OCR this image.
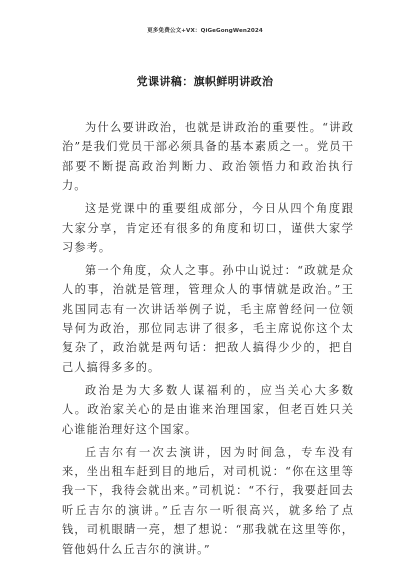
更多免费公文+VX：QiGeGongWen2024
党课讲稿：旗帜鲜明讲政治

为什么要讲政治，也就是讲政治的重要性。“讲政治”是我们党员干部必须具备的基本素质之一。党员干部要不断提高政治判断力、政治领悟力和政治执行力。

这是党课中的重要组成部分，今日从四个角度跟大家分享，肯定还有很多的角度和切口，谨供大家学习参考。

第一个角度，众人之事。孙中山说过：“政就是众人的事，治就是管理，管理众人的事情就是政治。”王兆国同志有一次讲话举例子说，毛主席曾经问一位领导何为政治，那位同志讲了很多，毛主席说你这个太复杂了，政治就是两句话：把敌人搞得少少的，把自己人搞得多多的。

政治是为大多数人谋福利的，应当关心大多数人。政治家关心的是由谁来治理国家，但老百姓只关心谁能治理好这个国家。

丘吉尔有一次去演讲，因为时间急，专车没有来，坐出租车赶到目的地后，对司机说：“你在这里等我一下，我待会就出来。”司机说：“不行，我要赶回去听丘吉尔的演讲。”丘吉尔一听很高兴，就多给了点钱，司机眼睛一亮，想了想说：“那我就在这里等你，管他妈什么丘吉尔的演讲。”
